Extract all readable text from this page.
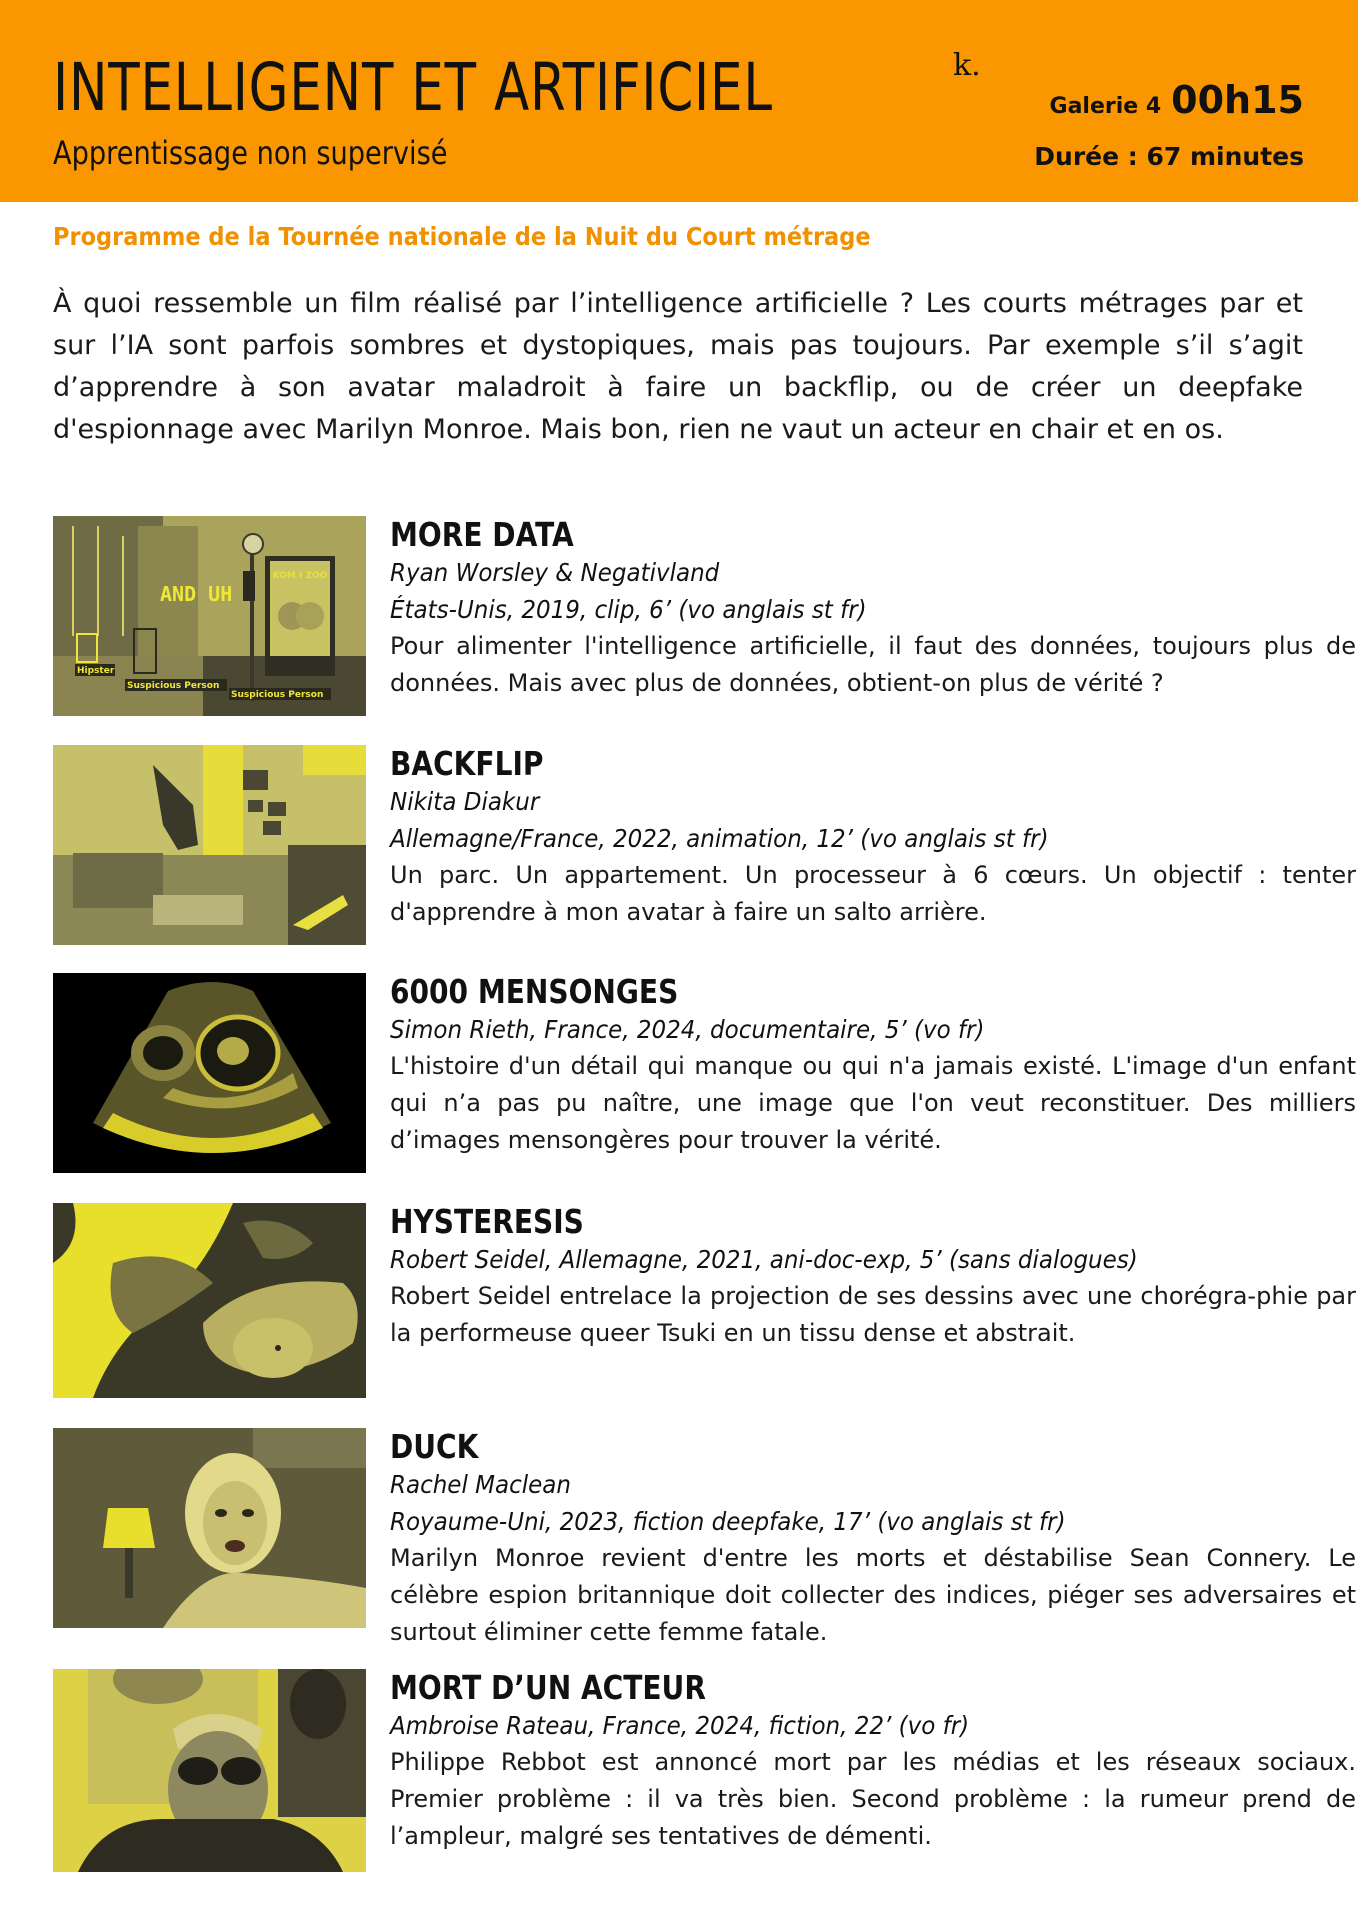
INTELLIGENT ET ARTIFICIEL	k.
Apprentissage non supervisé
Galerie 4 00h15
Durée : 67 minutes
Programme de la Tournée nationale de la Nuit du Court métrage
À quoi ressemble un film réalisé par l’intelligence artificielle ? Les courts métrages par et sur l’IA sont parfois sombres et dystopiques, mais pas toujours. Par exemple s’il s’agit d’apprendre à son avatar maladroit à faire un backflip, ou de créer un deepfake d'espionnage avec Marilyn Monroe. Mais bon, rien ne vaut un acteur en chair et en os.
KOM I ZOO
AND UH
Hipster
Suspicious Person
Suspicious Person
MORE DATA
Ryan Worsley & Negativland
États-Unis, 2019, clip, 6’ (vo anglais st fr)
Pour alimenter l'intelligence artificielle, il faut des données, toujours plus de données. Mais avec plus de données, obtient-on plus de vérité ?
BACKFLIP
Nikita Diakur
Allemagne/France, 2022, animation, 12’ (vo anglais st fr)
Un parc. Un appartement. Un processeur à 6 cœurs. Un objectif : tenter d'apprendre à mon avatar à faire un salto arrière.
6000 MENSONGES
Simon Rieth, France, 2024, documentaire, 5’ (vo fr)
L'histoire d'un détail qui manque ou qui n'a jamais existé. L'image d'un enfant qui n’a pas pu naître, une image que l'on veut reconstituer. Des milliers d’images mensongères pour trouver la vérité.
HYSTERESIS
Robert Seidel, Allemagne, 2021, ani-doc-exp, 5’ (sans dialogues)
Robert Seidel entrelace la projection de ses dessins avec une chorégra-phie par la performeuse queer Tsuki en un tissu dense et abstrait.
DUCK
Rachel Maclean
Royaume-Uni, 2023, fiction deepfake, 17’ (vo anglais st fr)
Marilyn Monroe revient d'entre les morts et déstabilise Sean Connery. Le célèbre espion britannique doit collecter des indices, piéger ses adversaires et surtout éliminer cette femme fatale.
MORT D’UN ACTEUR
Ambroise Rateau, France, 2024, fiction, 22’ (vo fr)
Philippe Rebbot est annoncé mort par les médias et les réseaux sociaux. Premier problème : il va très bien. Second problème : la rumeur prend de l’ampleur, malgré ses tentatives de démenti.
